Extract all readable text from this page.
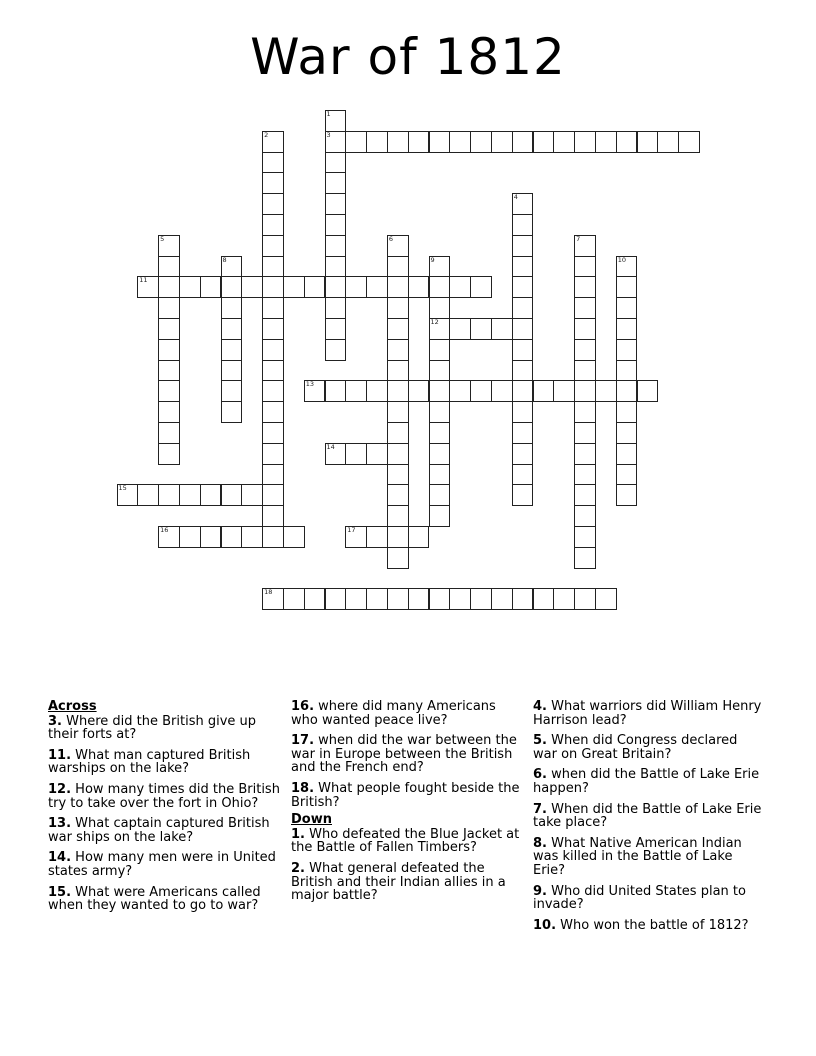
War of 1812
1
3
2
4
5	6	7
8	9
12
10
11
13
14
15
16	17
18
Across
3. Where did the British give up their forts at?
11. What man captured British warships on the lake?
12. How many times did the British try to take over the fort in Ohio?
13. What captain captured British war ships on the lake?
14. How many men were in United states army?
15. What were Americans called when they wanted to go to war?
16. where did many Americans who wanted peace live?
17. when did the war between the war in Europe between the British and the French end?
18. What people fought beside the British?
Down
1. Who defeated the Blue Jacket at the Battle of Fallen Timbers?
2. What general defeated the British and their Indian allies in a major battle?
4. What warriors did William Henry Harrison lead?
5. When did Congress declared war on Great Britain?
6. when did the Battle of Lake Erie happen?
7. When did the Battle of Lake Erie take place?
8. What Native American Indian was killed in the Battle of Lake Erie?
9. Who did United States plan to invade?
10. Who won the battle of 1812?
